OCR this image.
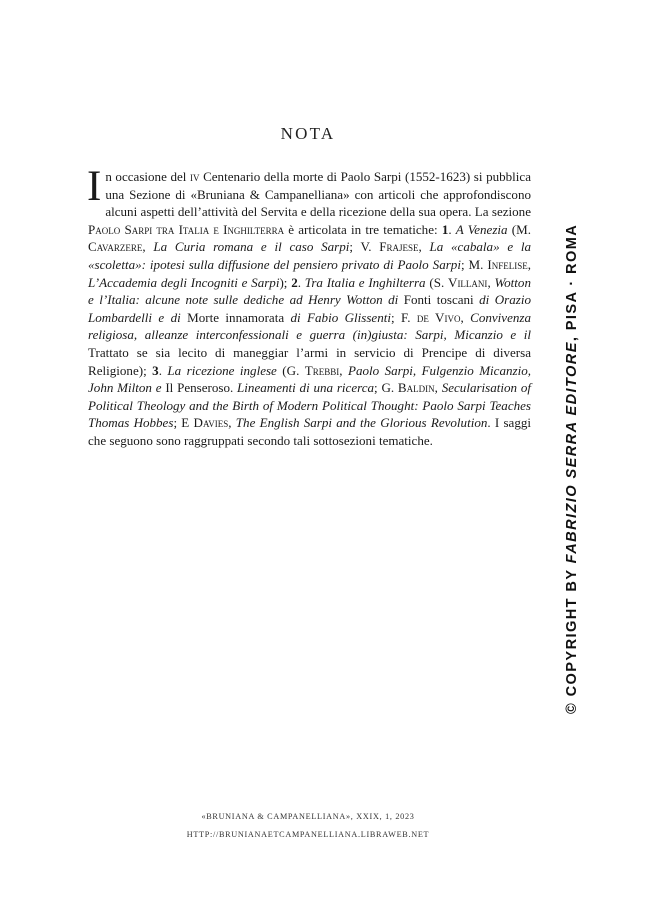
NOTA
In occasione del iv Centenario della morte di Paolo Sarpi (1552-1623) si pubblica una Sezione di «Bruniana & Campanelliana» con articoli che approfondiscono alcuni aspetti dell’attività del Servita e della ricezione della sua opera. La sezione Paolo Sarpi tra Italia e Inghilterra è articolata in tre tematiche: 1. A Venezia (M. Cavarzere, La Curia romana e il caso Sarpi; V. Frajese, La «cabala» e la «scoletta»: ipotesi sulla diffusione del pensiero privato di Paolo Sarpi; M. Infelise, L’Accademia degli Incogniti e Sarpi); 2. Tra Italia e Inghilterra (S. Villani, Wotton e l’Italia: alcune note sulle dediche ad Henry Wotton di Fonti toscani di Orazio Lombardelli e di Morte innamorata di Fabio Glissenti; F. de Vivo, Convivenza religiosa, alleanze interconfessionali e guerra (in)giusta: Sarpi, Micanzio e il Trattato se sia lecito di maneggiar l’armi in servicio di Prencipe di diversa Religione); 3. La ricezione inglese (G. Trebbi, Paolo Sarpi, Fulgenzio Micanzio, John Milton e Il Penseroso. Lineamenti di una ricerca; G. Baldin, Secularisation of Political Theology and the Birth of Modern Political Thought: Paolo Sarpi Teaches Thomas Hobbes; E Davies, The English Sarpi and the Glorious Revolution. I saggi che seguono sono raggruppati secondo tali sottosezioni tematiche.
© COPYRIGHT BY FABRIZIO SERRA EDITORE, PISA · ROMA
«BRUNIANA & CAMPANELLIANA», XXIX, 1, 2023
HTTP://BRUNIANAETCAMPANELLIANA.LIBRAWEB.NET
